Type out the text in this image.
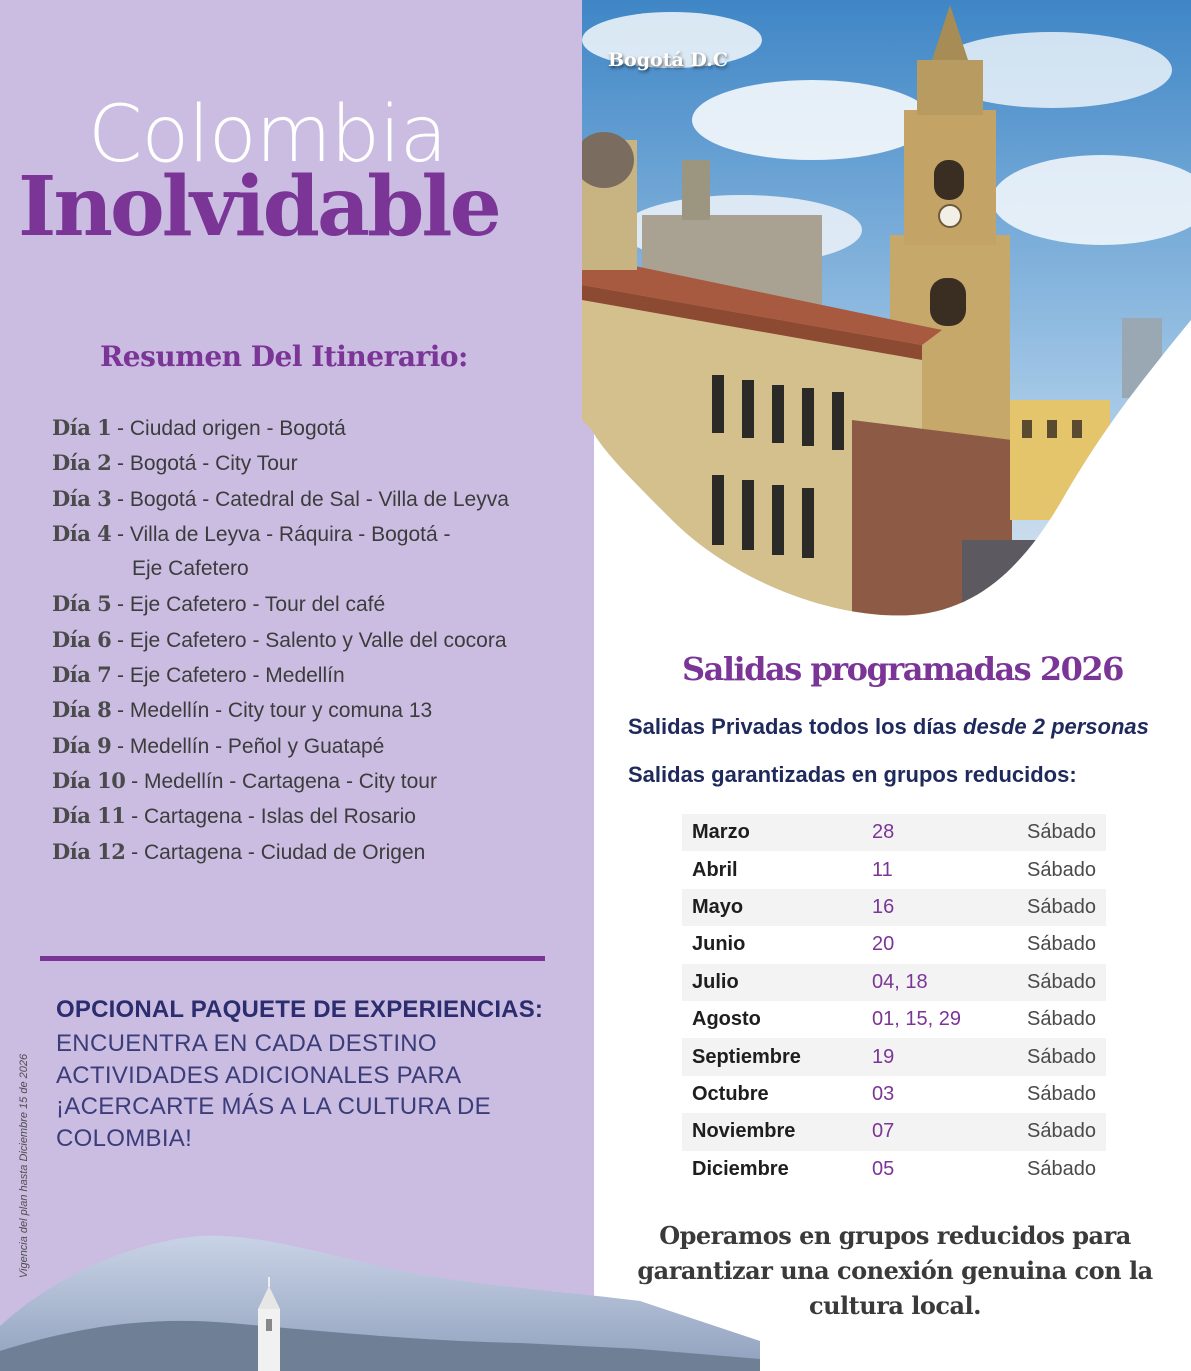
Colombia
Inolvidable
Resumen Del Itinerario:
Día 1 - Ciudad origen - Bogotá
Día 2 - Bogotá - City Tour
Día 3 - Bogotá - Catedral de Sal - Villa de Leyva
Día 4 - Villa de Leyva - Ráquira - Bogotá -
Eje Cafetero
Día 5 - Eje Cafetero - Tour del café
Día 6 - Eje Cafetero - Salento y Valle del cocora
Día 7 - Eje Cafetero - Medellín
Día 8 - Medellín - City tour y comuna 13
Día 9 - Medellín - Peñol y Guatapé
Día 10 - Medellín - Cartagena - City tour
Día 11 - Cartagena - Islas del Rosario
Día 12 - Cartagena - Ciudad de Origen
OPCIONAL PAQUETE DE EXPERIENCIAS:
ENCUENTRA EN CADA DESTINO ACTIVIDADES ADICIONALES PARA ¡ACERCARTE MÁS A LA CULTURA DE COLOMBIA!
Vigencia del plan hasta Diciembre 15 de 2026
Bogotá D.C
Salidas programadas 2026
Salidas Privadas todos los días desde 2 personas
Salidas garantizadas en grupos reducidos:
Marzo	28	Sábado
Abril	11	Sábado
Mayo	16	Sábado
Junio	20	Sábado
Julio	04, 18	Sábado
Agosto	01, 15, 29	Sábado
Septiembre	19	Sábado
Octubre	03	Sábado
Noviembre	07	Sábado
Diciembre	05	Sábado
Operamos en grupos reducidos para garantizar una conexión genuina con la cultura local.
